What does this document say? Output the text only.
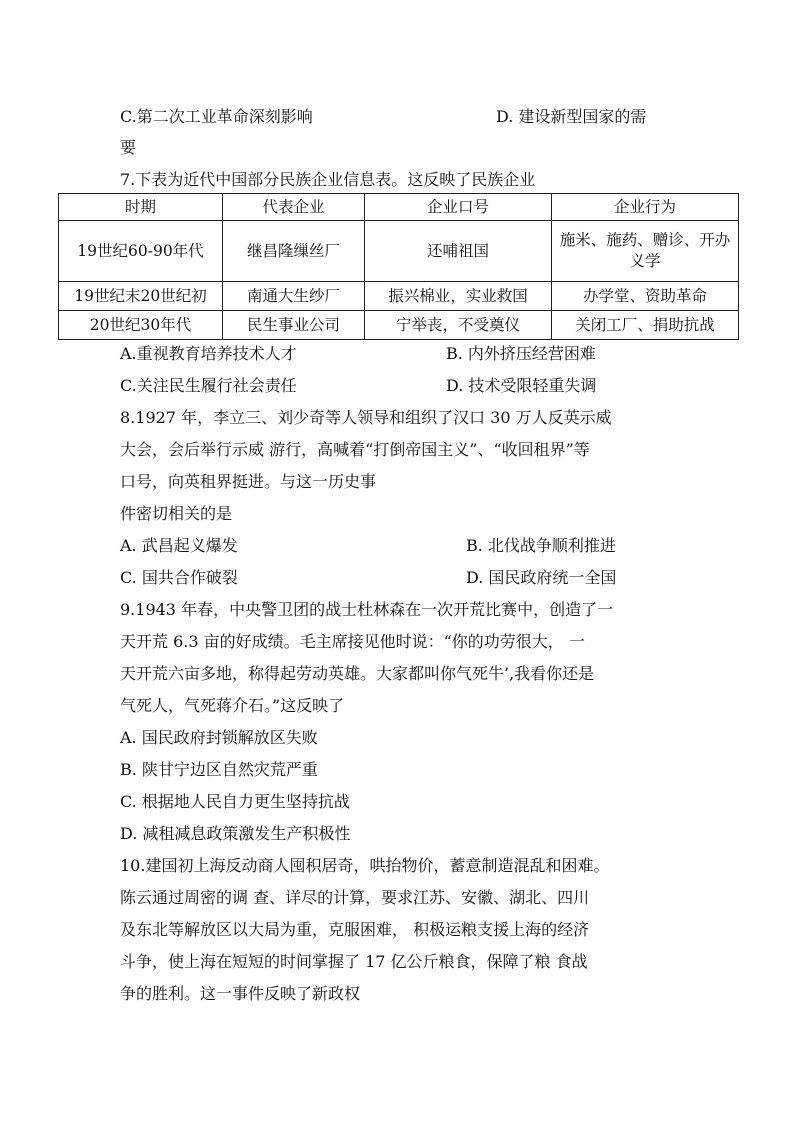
C.第二次工业革命深刻影响	D. 建设新型国家的需
要
7.下表为近代中国部分民族企业信息表。这反映了民族企业
时期	代表企业	企业口号	企业行为
19世纪60-90年代	继昌隆缫丝厂	还哺祖国	施米、施药、赠诊、开办义学
19世纪末20世纪初	南通大生纱厂	振兴棉业，实业救国	办学堂、资助革命
20世纪30年代	民生事业公司	宁举丧，不受奠仪	关闭工厂、捐助抗战
A.重视教育培养技术人才	B. 内外挤压经营困难
C.关注民生履行社会责任	D. 技术受限轻重失调
8.1927 年，李立三、刘少奇等人领导和组织了汉口 30 万人反英示威
大会，会后举行示威 游行，高喊着“打倒帝国主义”、“收回租界”等
口号，向英租界挺进。与这一历史事
件密切相关的是
A. 武昌起义爆发	B. 北伐战争顺利推进
C. 国共合作破裂	D. 国民政府统一全国
9.1943 年春，中央警卫团的战士杜林森在一次开荒比赛中，创造了一
天开荒 6.3 亩的好成绩。毛主席接见他时说：“你的功劳很大， 一
天开荒六亩多地，称得起劳动英雄。大家都叫你气死牛’,我看你还是
气死人，气死蒋介石。”这反映了
A. 国民政府封锁解放区失败
B. 陕甘宁边区自然灾荒严重
C. 根据地人民自力更生坚持抗战
D. 减租减息政策激发生产积极性
10.建国初上海反动商人囤积居奇，哄抬物价，蓄意制造混乱和困难。
陈云通过周密的调 查、详尽的计算，要求江苏、安徽、湖北、四川
及东北等解放区以大局为重，克服困难， 积极运粮支援上海的经济
斗争，使上海在短短的时间掌握了 17 亿公斤粮食，保障了粮 食战
争的胜利。这一事件反映了新政权
